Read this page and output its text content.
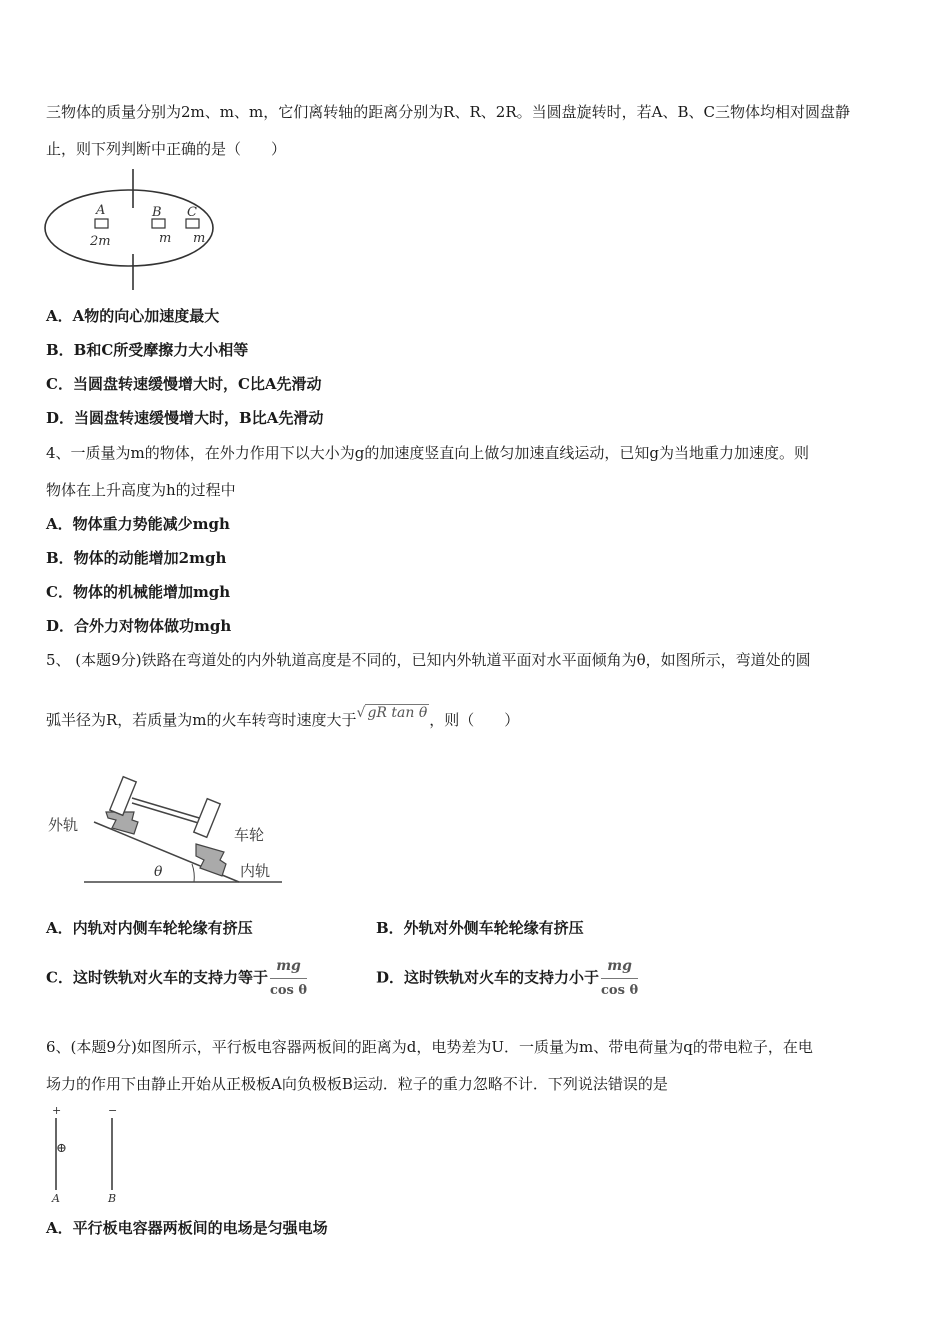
三物体的质量分别为2m、m、m，它们离转轴的距离分别为R、R、2R。当圆盘旋转时，若A、B、C三物体均相对圆盘静
止，则下列判断中正确的是（　　）
A	B C
2m	m m
A．A物的向心加速度最大
B．B和C所受摩擦力大小相等
C．当圆盘转速缓慢增大时，C比A先滑动
D．当圆盘转速缓慢增大时，B比A先滑动
4、一质量为m的物体，在外力作用下以大小为g的加速度竖直向上做匀加速直线运动，已知g为当地重力加速度。则
物体在上升高度为h的过程中
A．物体重力势能减少mgh
B．物体的动能增加2mgh
C．物体的机械能增加mgh
D．合外力对物体做功mgh
5、 (本题9分)铁路在弯道处的内外轨道高度是不同的，已知内外轨道平面对水平面倾角为θ，如图所示，弯道处的圆
弧半径为R，若质量为m的火车转弯时速度大于√ gR tan θ ，则（　　）
外轨
车轮
内轨
θ
A．内轨对内侧车轮轮缘有挤压	B．外轨对外侧车轮轮缘有挤压
C．这时铁轨对火车的支持力等于 $\frac{mg}{\text{cos θ}}$	D．这时铁轨对火车的支持力小于 $\frac{mg}{\text{cos θ}}$
6、(本题9分)如图所示，平行板电容器两板间的距离为d，电势差为U．一质量为m、带电荷量为q的带电粒子，在电
场力的作用下由静止开始从正极板A向负极板B运动．粒子的重力忽略不计．下列说法错误的是
+	−
⊕
A	B
A．平行板电容器两板间的电场是匀强电场
